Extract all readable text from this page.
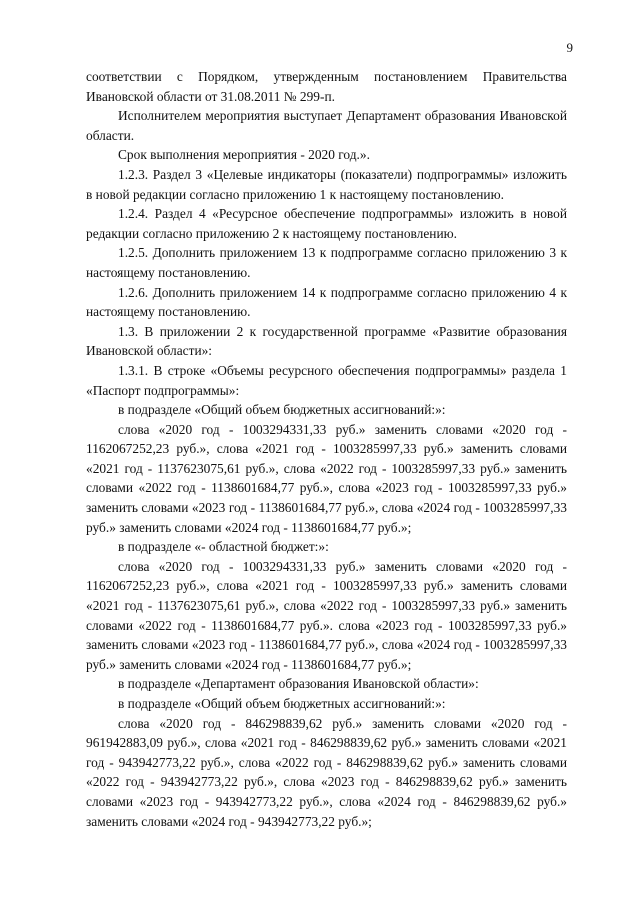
9

соответствии с Порядком, утвержденным постановлением Правительства Ивановской области от 31.08.2011 № 299-п.

Исполнителем мероприятия выступает Департамент образования Ивановской области.

Срок выполнения мероприятия - 2020 год.».

1.2.3. Раздел 3 «Целевые индикаторы (показатели) подпрограммы» изложить в новой редакции согласно приложению 1 к настоящему постановлению.

1.2.4. Раздел 4 «Ресурсное обеспечение подпрограммы» изложить в новой редакции согласно приложению 2 к настоящему постановлению.

1.2.5. Дополнить приложением 13 к подпрограмме согласно приложению 3 к настоящему постановлению.

1.2.6. Дополнить приложением 14 к подпрограмме согласно приложению 4 к настоящему постановлению.

1.3. В приложении 2 к государственной программе «Развитие образования Ивановской области»:

1.3.1. В строке «Объемы ресурсного обеспечения подпрограммы» раздела 1 «Паспорт подпрограммы»:

в подразделе «Общий объем бюджетных ассигнований:»:

слова «2020 год - 1003294331,33 руб.» заменить словами «2020 год - 1162067252,23 руб.», слова «2021 год - 1003285997,33 руб.» заменить словами «2021 год - 1137623075,61 руб.», слова «2022 год - 1003285997,33 руб.» заменить словами «2022 год - 1138601684,77 руб.», слова «2023 год - 1003285997,33 руб.» заменить словами «2023 год - 1138601684,77 руб.», слова «2024 год - 1003285997,33 руб.» заменить словами «2024 год - 1138601684,77 руб.»;

в подразделе «- областной бюджет:»:

слова «2020 год - 1003294331,33 руб.» заменить словами «2020 год - 1162067252,23 руб.», слова «2021 год - 1003285997,33 руб.» заменить словами «2021 год - 1137623075,61 руб.», слова «2022 год - 1003285997,33 руб.» заменить словами «2022 год - 1138601684,77 руб.». слова «2023 год - 1003285997,33 руб.» заменить словами «2023 год - 1138601684,77 руб.», слова «2024 год - 1003285997,33 руб.» заменить словами «2024 год - 1138601684,77 руб.»;

в подразделе «Департамент образования Ивановской области»:

в подразделе «Общий объем бюджетных ассигнований:»:

слова «2020 год - 846298839,62 руб.» заменить словами «2020 год - 961942883,09 руб.», слова «2021 год - 846298839,62 руб.» заменить словами «2021 год - 943942773,22 руб.», слова «2022 год - 846298839,62 руб.» заменить словами «2022 год - 943942773,22 руб.», слова «2023 год - 846298839,62 руб.» заменить словами «2023 год - 943942773,22 руб.», слова «2024 год - 846298839,62 руб.» заменить словами «2024 год - 943942773,22 руб.»;
